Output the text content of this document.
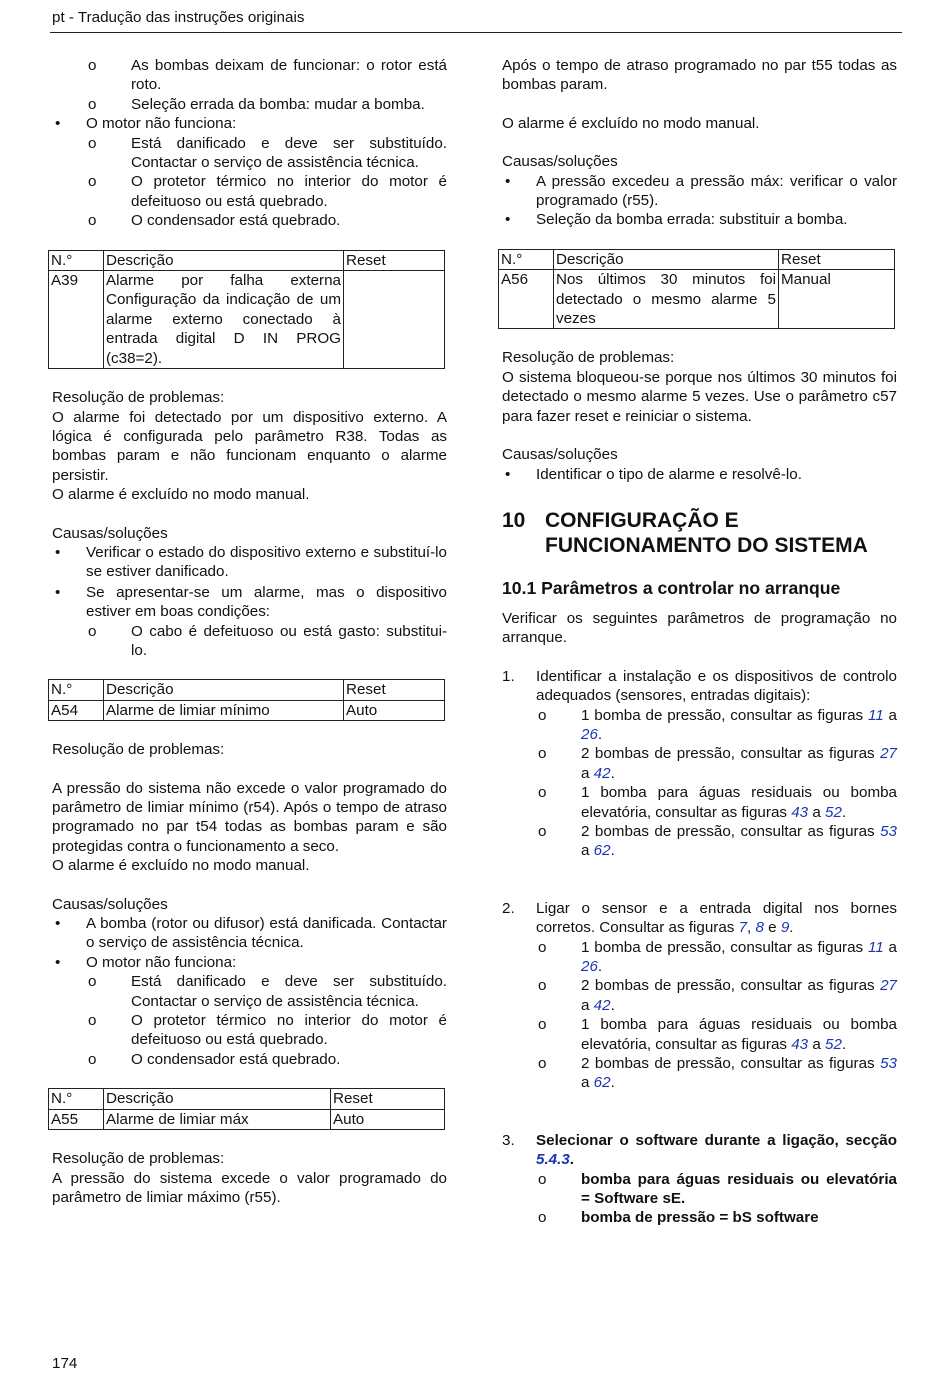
pt - Tradução das instruções originais
o As bombas deixam de funcionar: o rotor está roto.
o Seleção errada da bomba: mudar a bomba.
• O motor não funciona:
o Está danificado e deve ser substituído. Contactar o serviço de assistência técnica.
o O protetor térmico no interior do motor é defeituoso ou está quebrado.
o O condensador está quebrado.
N.°	Descrição	Reset
A39	Alarme por falha externa Configuração da indicação de um alarme externo conectado à entrada digital D IN PROG (c38=2).	

Resolução de problemas:

O alarme foi detectado por um dispositivo externo. A lógica é configurada pelo parâmetro R38. Todas as bombas param e não funcionam enquanto o alarme persistir.

O alarme é excluído no modo manual.

Causas/soluções

• Verificar o estado do dispositivo externo e substituí-lo se estiver danificado.
• Se apresentar-se um alarme, mas o dispositivo estiver em boas condições:
o O cabo é defeituoso ou está gasto: substitui-lo.
N.°	Descrição	Reset
A54	Alarme de limiar mínimo	Auto

Resolução de problemas:

A pressão do sistema não excede o valor programado do parâmetro de limiar mínimo (r54). Após o tempo de atraso programado no par t54 todas as bombas param e são protegidas contra o funcionamento a seco.

O alarme é excluído no modo manual.

Causas/soluções

• A bomba (rotor ou difusor) está danificada. Contactar o serviço de assistência técnica.
• O motor não funciona:
o Está danificado e deve ser substituído. Contactar o serviço de assistência técnica.
o O protetor térmico no interior do motor é defeituoso ou está quebrado.
o O condensador está quebrado.
N.°	Descrição	Reset
A55	Alarme de limiar máx	Auto

Resolução de problemas:

A pressão do sistema excede o valor programado do parâmetro de limiar máximo (r55).

Após o tempo de atraso programado no par t55 todas as bombas param.

O alarme é excluído no modo manual.

Causas/soluções

• A pressão excedeu a pressão máx: verificar o valor programado (r55).
• Seleção da bomba errada: substituir a bomba.
N.°	Descrição	Reset
A56	Nos últimos 30 minutos foi detectado o mesmo alarme 5 vezes	Manual

Resolução de problemas:

O sistema bloqueou-se porque nos últimos 30 minutos foi detectado o mesmo alarme 5 vezes. Use o parâmetro c57 para fazer reset e reiniciar o sistema.

Causas/soluções

• Identificar o tipo de alarme e resolvê-lo.
10 CONFIGURAÇÃO E FUNCIONAMENTO DO SISTEMA
10.1 Parâmetros a controlar no arranque

Verificar os seguintes parâmetros de programação no arranque.

1. Identificar a instalação e os dispositivos de controlo adequados (sensores, entradas digitais):
o 1 bomba de pressão, consultar as figuras 11 a 26.
o 2 bombas de pressão, consultar as figuras 27 a 42.
o 1 bomba para águas residuais ou bomba elevatória, consultar as figuras 43 a 52.
o 2 bombas de pressão, consultar as figuras 53 a 62.
2. Ligar o sensor e a entrada digital nos bornes corretos. Consultar as figuras 7, 8 e 9.
o 1 bomba de pressão, consultar as figuras 11 a 26.
o 2 bombas de pressão, consultar as figuras 27 a 42.
o 1 bomba para águas residuais ou bomba elevatória, consultar as figuras 43 a 52.
o 2 bombas de pressão, consultar as figuras 53 a 62.
3. Selecionar o software durante a ligação, secção 5.4.3.
o bomba para águas residuais ou elevatória = Software sE.
o bomba de pressão = bS software
174
